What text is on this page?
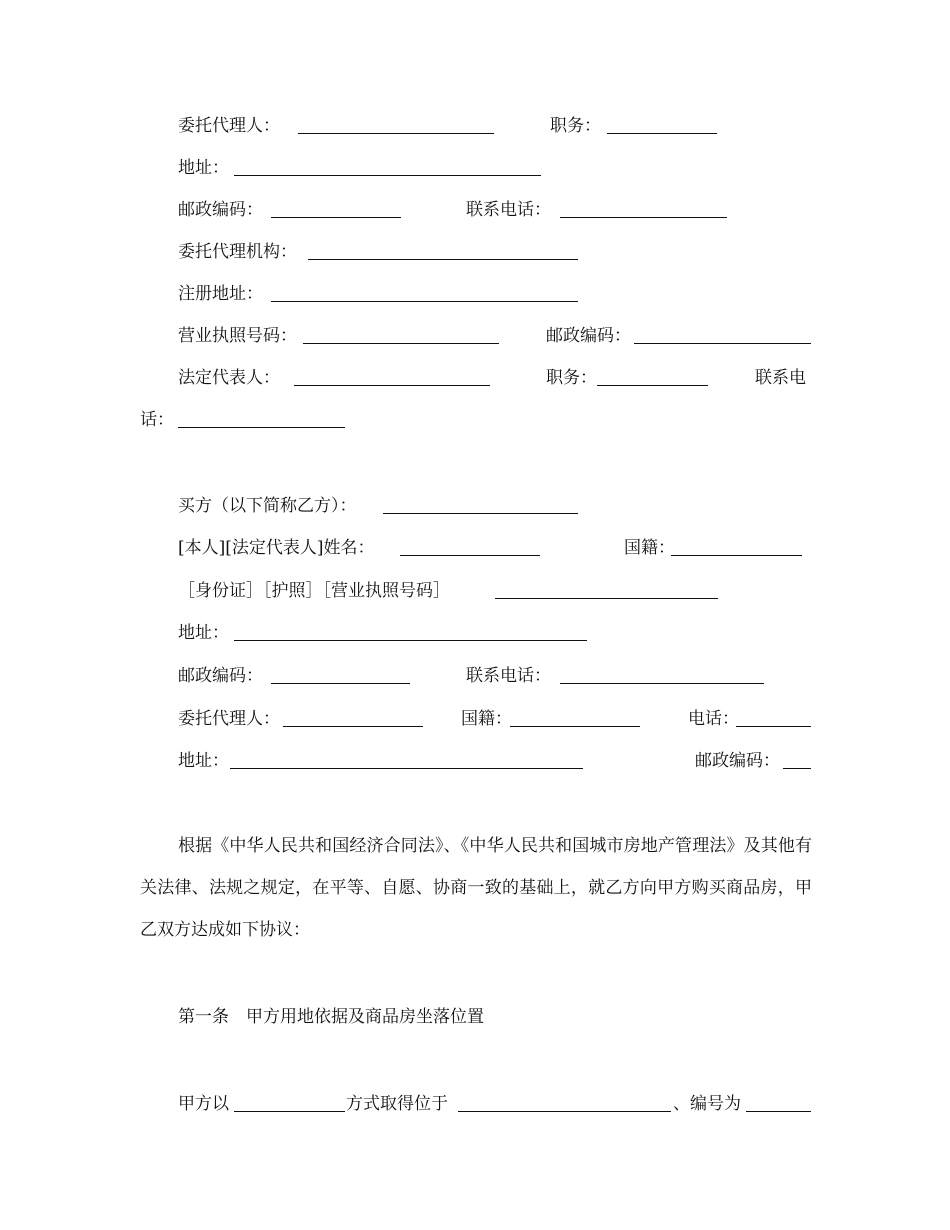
委托代理人：	职务：
地址：
邮政编码：	联系电话：
委托代理机构：
注册地址：
营业执照号码：	邮政编码：
法定代表人：	职务：	联系电
话：
买方（以下简称乙方）：
[本人][法定代表人]姓名：	国籍：
［身份证］［护照］［营业执照号码］
地址：
邮政编码：	联系电话：
委托代理人：	国籍：	电话：
地址：	邮政编码：
根据《中华人民共和国经济合同法》、《中华人民共和国城市房地产管理法》及其他有关法律、法规之规定，在平等、自愿、协商一致的基础上，就乙方向甲方购买商品房，甲乙双方达成如下协议：
第一条　甲方用地依据及商品房坐落位置
甲方以	方式取得位于	、编号为
